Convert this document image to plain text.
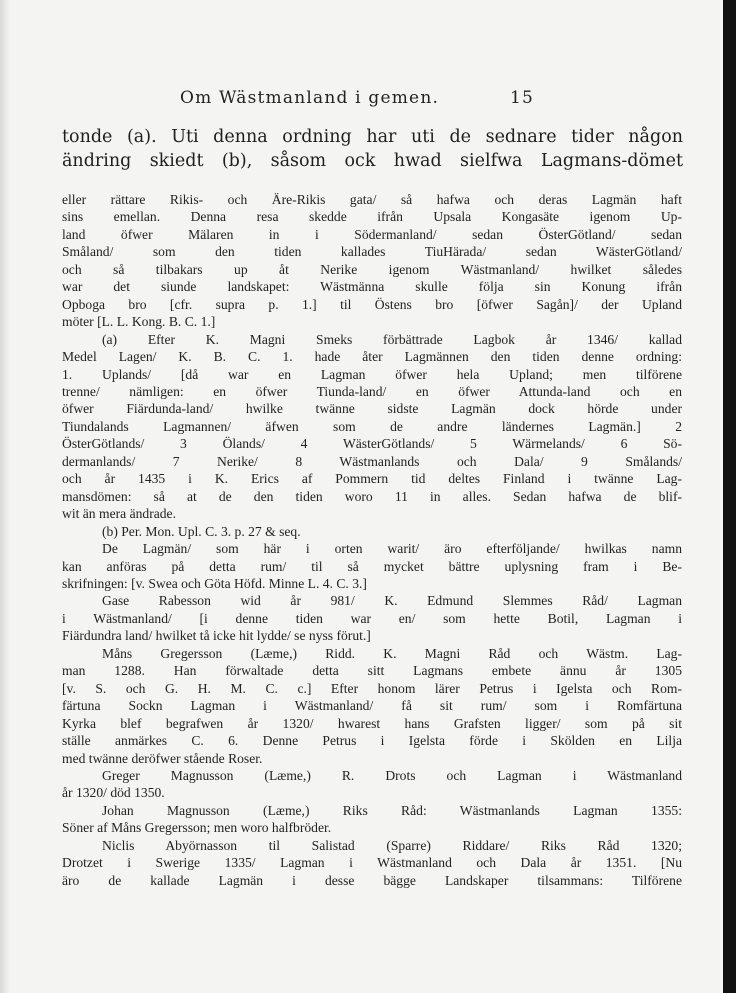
Om Wästmanland i gemen.	15
tonde (a). Uti denna ordning har uti de sednare tider någon
ändring skiedt (b), såsom ock hwad sielfwa Lagmans-dömet
eller rättare Rikis- och Äre-Rikis gata/ så hafwa och deras Lagmän haft
sins emellan. Denna resa skedde ifrån Upsala Kongasäte igenom Up-
land öfwer Mälaren in i Södermanland/ sedan ÖsterGötland/ sedan
Småland/ som den tiden kallades TiuHärada/ sedan WästerGötland/
och så tilbakars up åt Nerike igenom Wästmanland/ hwilket således
war det siunde landskapet: Wästmänna skulle följa sin Konung ifrån
Opboga bro [cfr. supra p. 1.] til Östens bro [öfwer Sagån]/ der Upland
möter [L. L. Kong. B. C. 1.]
(a) Efter K. Magni Smeks förbättrade Lagbok år 1346/ kallad
Medel Lagen/ K. B. C. 1. hade åter Lagmännen den tiden denne ordning:
1. Uplands/ [då war en Lagman öfwer hela Upland; men tilförene
trenne/ nämligen: en öfwer Tiunda-land/ en öfwer Attunda-land och en
öfwer Fiärdunda-land/ hwilke twänne sidste Lagmän dock hörde under
Tiundalands Lagmannen/ äfwen som de andre ländernes Lagmän.] 2
ÖsterGötlands/ 3 Ölands/ 4 WästerGötlands/ 5 Wärmelands/ 6 Sö-
dermanlands/ 7 Nerike/ 8 Wästmanlands och Dala/ 9 Smålands/
och år 1435 i K. Erics af Pommern tid deltes Finland i twänne Lag-
mansdömen: så at de den tiden woro 11 in alles. Sedan hafwa de blif-
wit än mera ändrade.
(b) Per. Mon. Upl. C. 3. p. 27 & seq.
De Lagmän/ som här i orten warit/ äro efterföljande/ hwilkas namn
kan anföras på detta rum/ til så mycket bättre uplysning fram i Be-
skrifningen: [v. Swea och Göta Höfd. Minne L. 4. C. 3.]
Gase Rabesson wid år 981/ K. Edmund Slemmes Råd/ Lagman
i Wästmanland/ [i denne tiden war en/ som hette Botil, Lagman i
Fiärdundra land/ hwilket tå icke hit lydde/ se nyss förut.]
Måns Gregersson (Læme,) Ridd. K. Magni Råd och Wästm. Lag-
man 1288. Han förwaltade detta sitt Lagmans embete ännu år 1305
[v. S. och G. H. M. C. c.] Efter honom lärer Petrus i Igelsta och Rom-
färtuna Sockn Lagman i Wästmanland/ få sit rum/ som i Romfärtuna
Kyrka blef begrafwen år 1320/ hwarest hans Grafsten ligger/ som på sit
ställe anmärkes C. 6. Denne Petrus i Igelsta förde i Skölden en Lilja
med twänne deröfwer stående Roser.
Greger Magnusson (Læme,) R. Drots och Lagman i Wästmanland
år 1320/ död 1350.
Johan Magnusson (Læme,) Riks Råd: Wästmanlands Lagman 1355:
Söner af Måns Gregersson; men woro halfbröder.
Niclis Abyörnasson til Salistad (Sparre) Riddare/ Riks Råd 1320;
Drotzet i Swerige 1335/ Lagman i Wästmanland och Dala år 1351. [Nu
äro de kallade Lagmän i desse bägge Landskaper tilsammans: Tilförene
